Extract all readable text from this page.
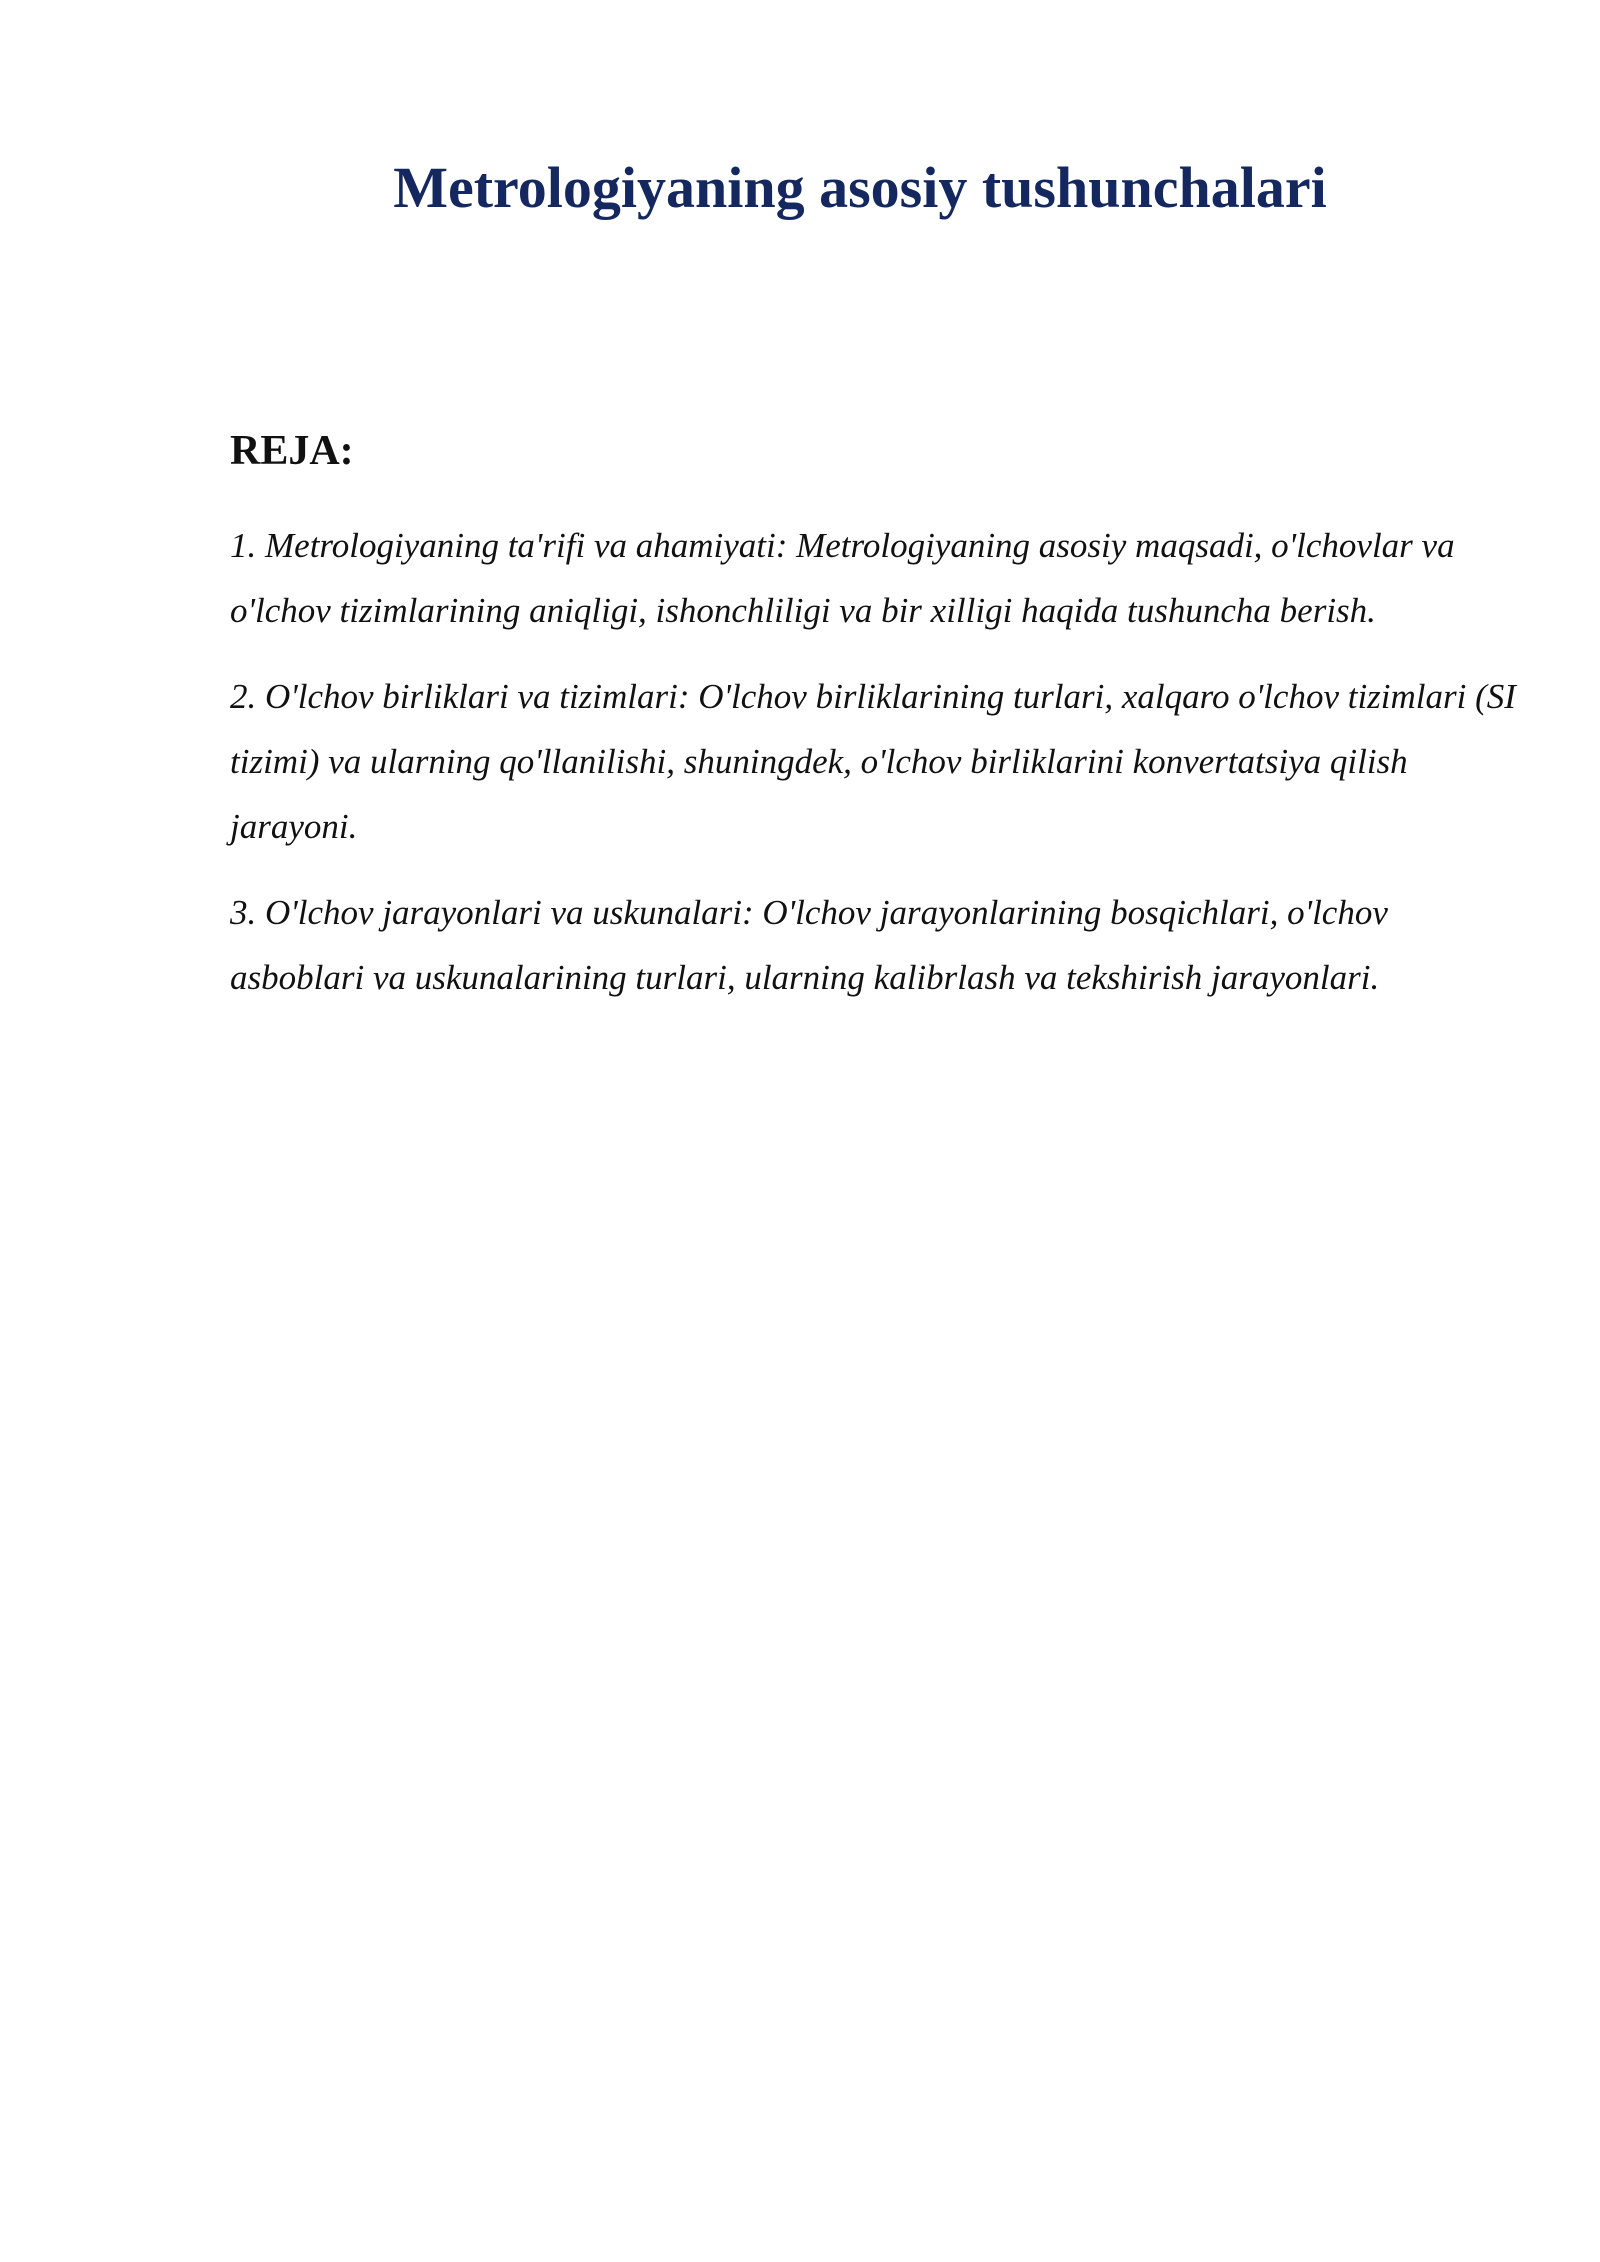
Metrologiyaning asosiy tushunchalari
REJA:
1. Metrologiyaning ta'rifi va ahamiyati: Metrologiyaning asosiy maqsadi, o'lchovlar va o'lchov tizimlarining aniqligi, ishonchliligi va bir xilligi haqida tushuncha berish.
2. O'lchov birliklari va tizimlari: O'lchov birliklarining turlari, xalqaro o'lchov tizimlari (SI tizimi) va ularning qo'llanilishi, shuningdek, o'lchov birliklarini konvertatsiya qilish jarayoni.
3. O'lchov jarayonlari va uskunalari: O'lchov jarayonlarining bosqichlari, o'lchov asboblari va uskunalarining turlari, ularning kalibrlash va tekshirish jarayonlari.
